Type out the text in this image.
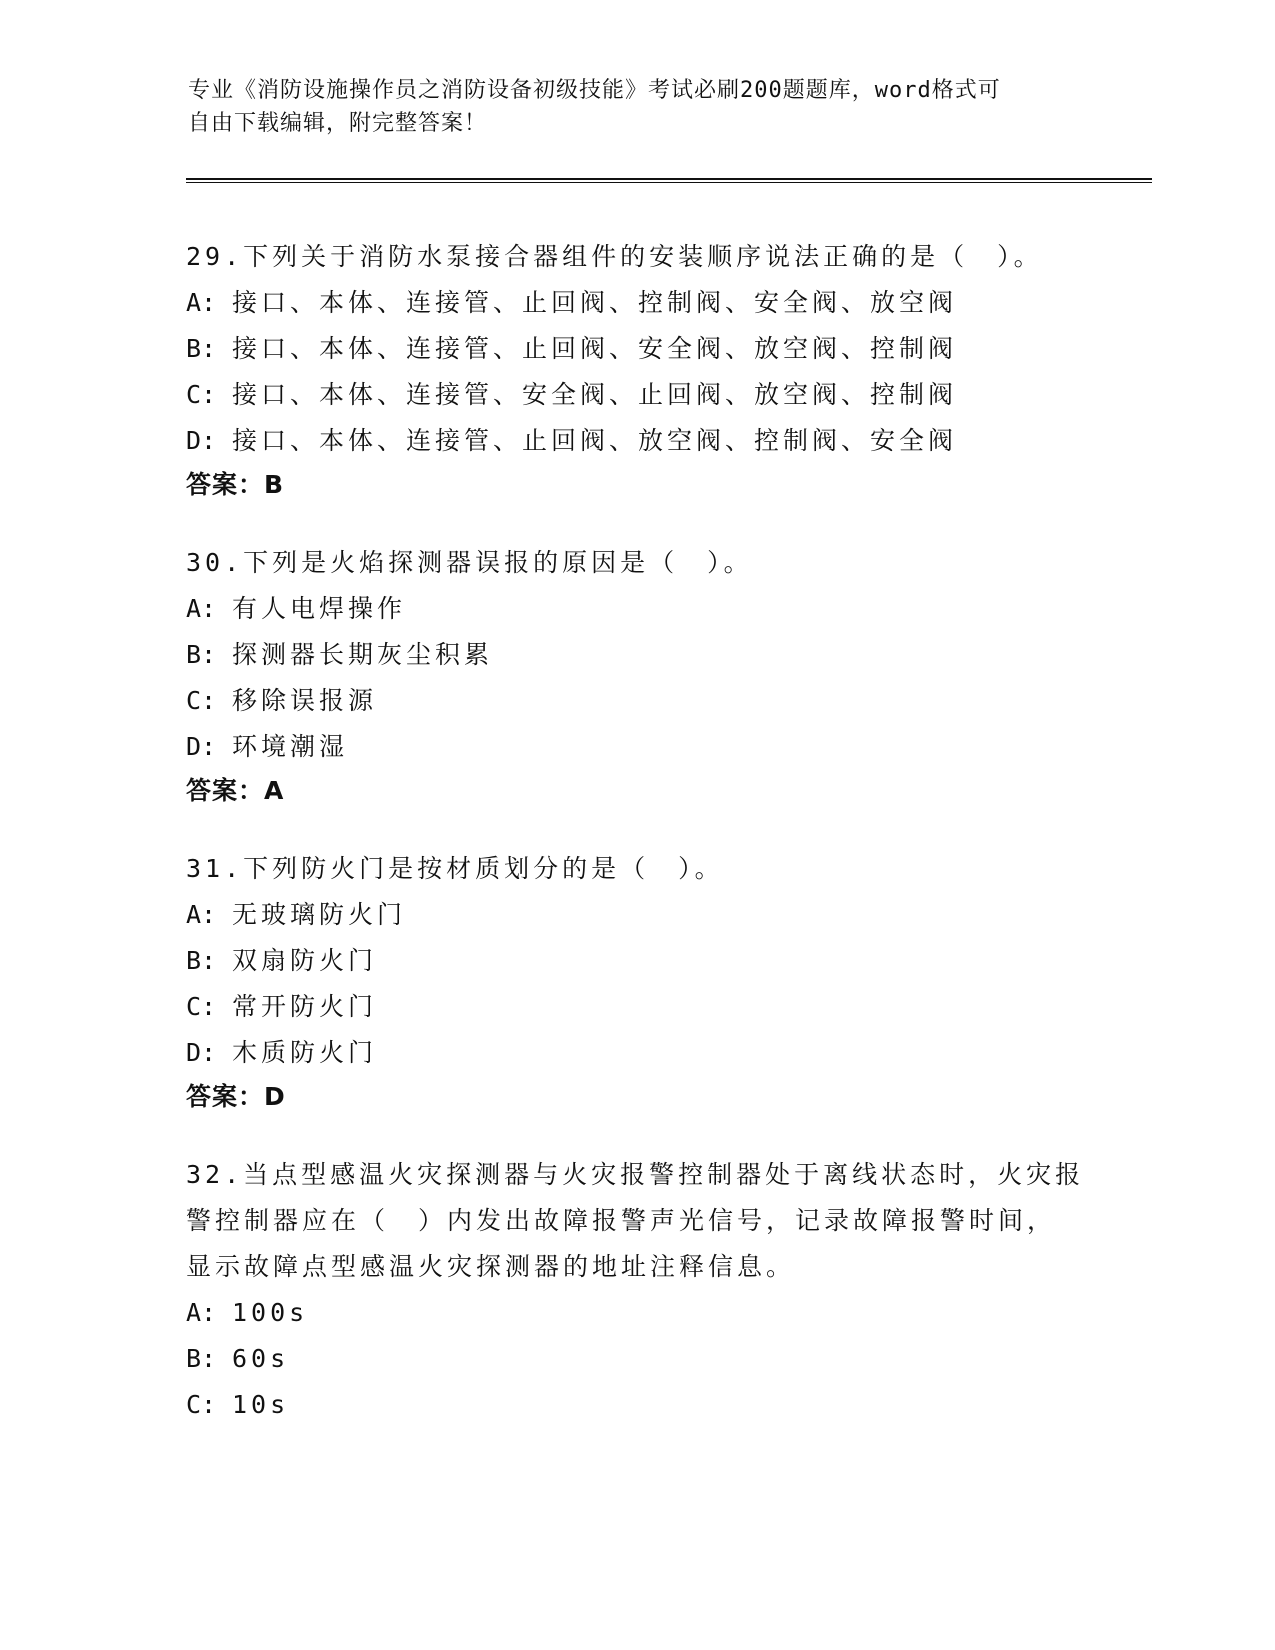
专业《消防设施操作员之消防设备初级技能》考试必刷200题题库，word格式可
自由下载编辑，附完整答案！
29.下列关于消防水泵接合器组件的安装顺序说法正确的是（　）。
A: 接口、本体、连接管、止回阀、控制阀、安全阀、放空阀
B: 接口、本体、连接管、止回阀、安全阀、放空阀、控制阀
C: 接口、本体、连接管、安全阀、止回阀、放空阀、控制阀
D: 接口、本体、连接管、止回阀、放空阀、控制阀、安全阀
答案：B
30.下列是火焰探测器误报的原因是（　）。
A: 有人电焊操作
B: 探测器长期灰尘积累
C: 移除误报源
D: 环境潮湿
答案：A
31.下列防火门是按材质划分的是（　）。
A: 无玻璃防火门
B: 双扇防火门
C: 常开防火门
D: 木质防火门
答案：D
32.当点型感温火灾探测器与火灾报警控制器处于离线状态时，火灾报
警控制器应在（　）内发出故障报警声光信号，记录故障报警时间，
显示故障点型感温火灾探测器的地址注释信息。
A: 100s
B: 60s
C: 10s
